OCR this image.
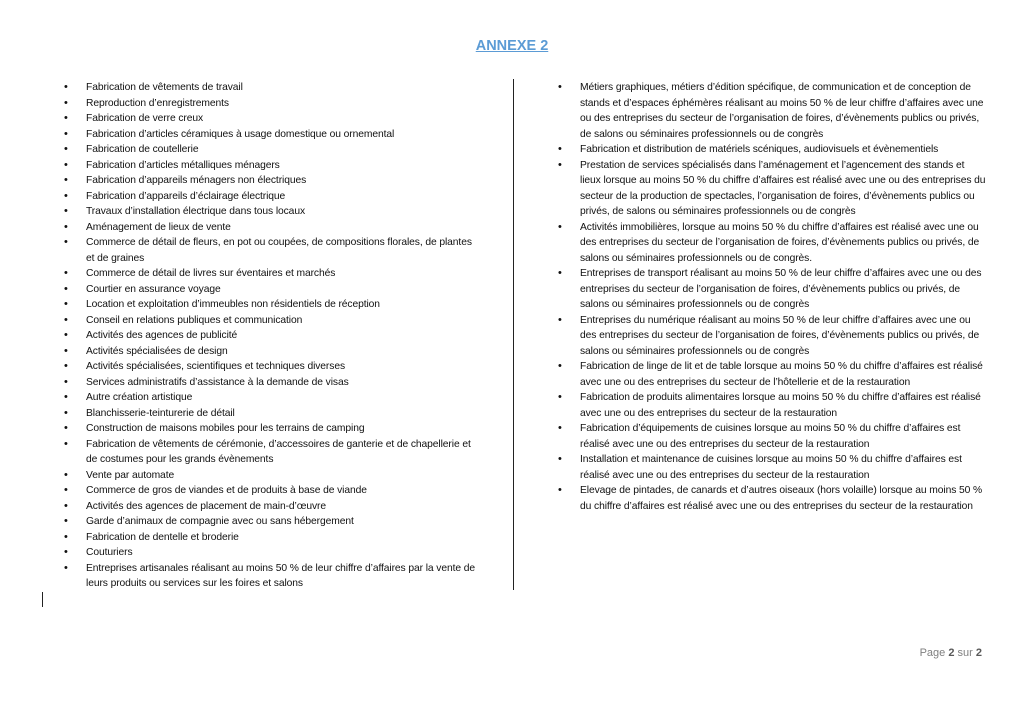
ANNEXE 2
• Fabrication de vêtements de travail
• Reproduction d’enregistrements
• Fabrication de verre creux
• Fabrication d’articles céramiques à usage domestique ou ornemental
• Fabrication de coutellerie
• Fabrication d’articles métalliques ménagers
• Fabrication d’appareils ménagers non électriques
• Fabrication d’appareils d’éclairage électrique
• Travaux d’installation électrique dans tous locaux
• Aménagement de lieux de vente
• Commerce de détail de fleurs, en pot ou coupées, de compositions florales, de plantes et de graines
• Commerce de détail de livres sur éventaires et marchés
• Courtier en assurance voyage
• Location et exploitation d’immeubles non résidentiels de réception
• Conseil en relations publiques et communication
• Activités des agences de publicité
• Activités spécialisées de design
• Activités spécialisées, scientifiques et techniques diverses
• Services administratifs d’assistance à la demande de visas
• Autre création artistique
• Blanchisserie-teinturerie de détail
• Construction de maisons mobiles pour les terrains de camping
• Fabrication de vêtements de cérémonie, d’accessoires de ganterie et de chapellerie et de costumes pour les grands évènements
• Vente par automate
• Commerce de gros de viandes et de produits à base de viande
• Activités des agences de placement de main-d’œuvre
• Garde d’animaux de compagnie avec ou sans hébergement
• Fabrication de dentelle et broderie
• Couturiers
• Entreprises artisanales réalisant au moins 50 % de leur chiffre d’affaires par la vente de leurs produits ou services sur les foires et salons
• Métiers graphiques, métiers d’édition spécifique, de communication et de conception de stands et d’espaces éphémères réalisant au moins 50 % de leur chiffre d’affaires avec une ou des entreprises du secteur de l’organisation de foires, d’évènements publics ou privés, de salons ou séminaires professionnels ou de congrès
• Fabrication et distribution de matériels scéniques, audiovisuels et évènementiels
• Prestation de services spécialisés dans l’aménagement et l’agencement des stands et lieux lorsque au moins 50 % du chiffre d’affaires est réalisé avec une ou des entreprises du secteur de la production de spectacles, l’organisation de foires, d’évènements publics ou privés, de salons ou séminaires professionnels ou de congrès
• Activités immobilières, lorsque au moins 50 % du chiffre d’affaires est réalisé avec une ou des entreprises du secteur de l’organisation de foires, d’évènements publics ou privés, de salons ou séminaires professionnels ou de congrès.
• Entreprises de transport réalisant au moins 50 % de leur chiffre d’affaires avec une ou des entreprises du secteur de l’organisation de foires, d’évènements publics ou privés, de salons ou séminaires professionnels ou de congrès
• Entreprises du numérique réalisant au moins 50 % de leur chiffre d’affaires avec une ou des entreprises du secteur de l’organisation de foires, d’évènements publics ou privés, de salons ou séminaires professionnels ou de congrès
• Fabrication de linge de lit et de table lorsque au moins 50 % du chiffre d’affaires est réalisé avec une ou des entreprises du secteur de l’hôtellerie et de la restauration
• Fabrication de produits alimentaires lorsque au moins 50 % du chiffre d’affaires est réalisé avec une ou des entreprises du secteur de la restauration
• Fabrication d’équipements de cuisines lorsque au moins 50 % du chiffre d’affaires est réalisé avec une ou des entreprises du secteur de la restauration
• Installation et maintenance de cuisines lorsque au moins 50 % du chiffre d’affaires est réalisé avec une ou des entreprises du secteur de la restauration
• Elevage de pintades, de canards et d’autres oiseaux (hors volaille) lorsque au moins 50 % du chiffre d’affaires est réalisé avec une ou des entreprises du secteur de la restauration
Page 2 sur 2
